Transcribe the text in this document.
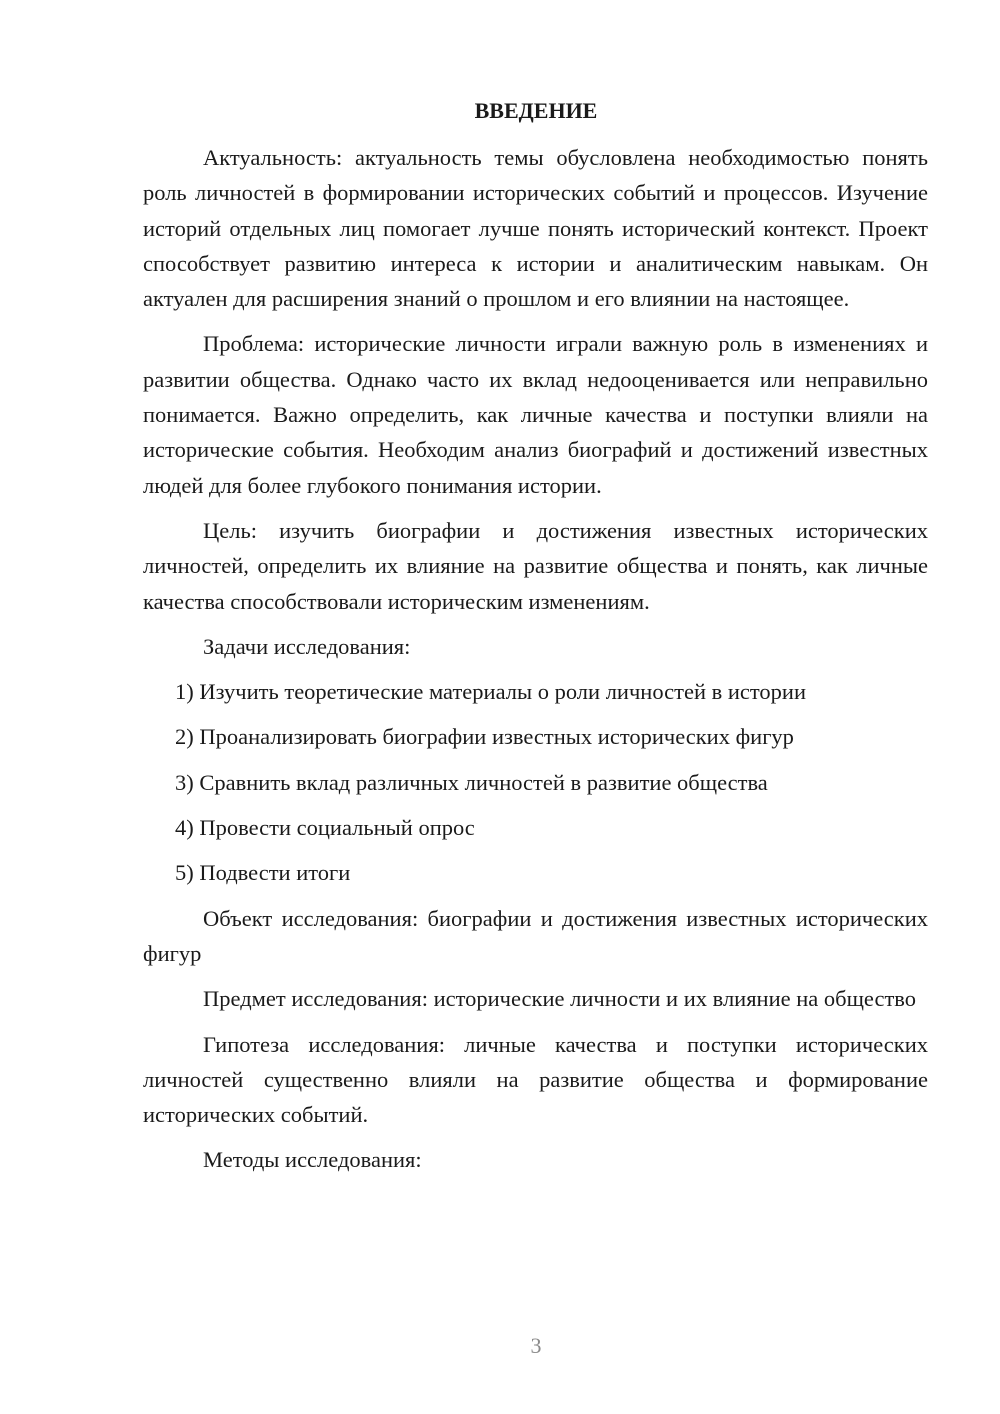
ВВЕДЕНИЕ

Актуальность: актуальность темы обусловлена необходимостью понять роль личностей в формировании исторических событий и процессов. Изучение историй отдельных лиц помогает лучше понять исторический контекст. Проект способствует развитию интереса к истории и аналитическим навыкам. Он актуален для расширения знаний о прошлом и его влиянии на настоящее.

Проблема: исторические личности играли важную роль в изменениях и развитии общества. Однако часто их вклад недооценивается или неправильно понимается. Важно определить, как личные качества и поступки влияли на исторические события. Необходим анализ биографий и достижений известных людей для более глубокого понимания истории.

Цель: изучить биографии и достижения известных исторических личностей, определить их влияние на развитие общества и понять, как личные качества способствовали историческим изменениям.

Задачи исследования:

1) Изучить теоретические материалы о роли личностей в истории
2) Проанализировать биографии известных исторических фигур
3) Сравнить вклад различных личностей в развитие общества
4) Провести социальный опрос
5) Подвести итоги

Объект исследования: биографии и достижения известных исторических фигур

Предмет исследования: исторические личности и их влияние на общество

Гипотеза исследования: личные качества и поступки исторических личностей существенно влияли на развитие общества и формирование исторических событий.

Методы исследования:

3
